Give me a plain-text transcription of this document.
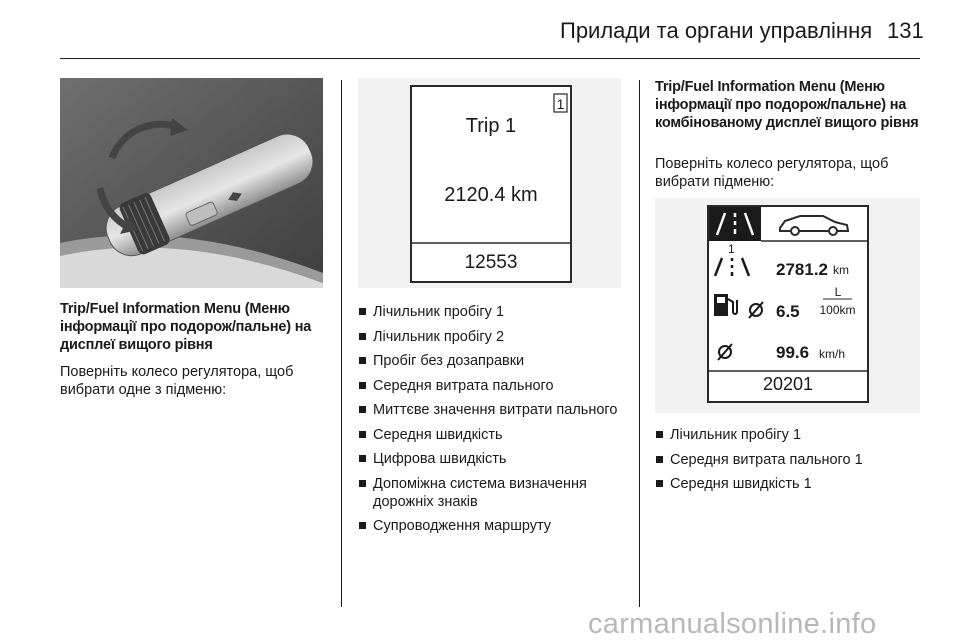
Прилади та органи управління 131
Trip/Fuel Information Menu (Меню інформації про подорож/пальне) на дисплеї вищого рівня
Поверніть колесо регулятора, щоб вибрати одне з підменю:
1
Trip 1
2120.4 km
12553
Лічильник пробігу 1
Лічильник пробігу 2
Пробіг без дозаправки
Середня витрата пального
Миттєве значення витрати пального
Середня швидкість
Цифрова швидкість
Допоміжна система визначення дорожніх знаків
Супроводження маршруту
Trip/Fuel Information Menu (Меню інформації про подорож/пальне) на комбінованому дисплеї вищого рівня
Поверніть колесо регулятора, щоб вибрати підменю:
1
2781.2 km
6.5
L
100km
99.6 km/h
20201
Лічильник пробігу 1
Середня витрата пального 1
Середня швидкість 1
carmanualsonline.info
